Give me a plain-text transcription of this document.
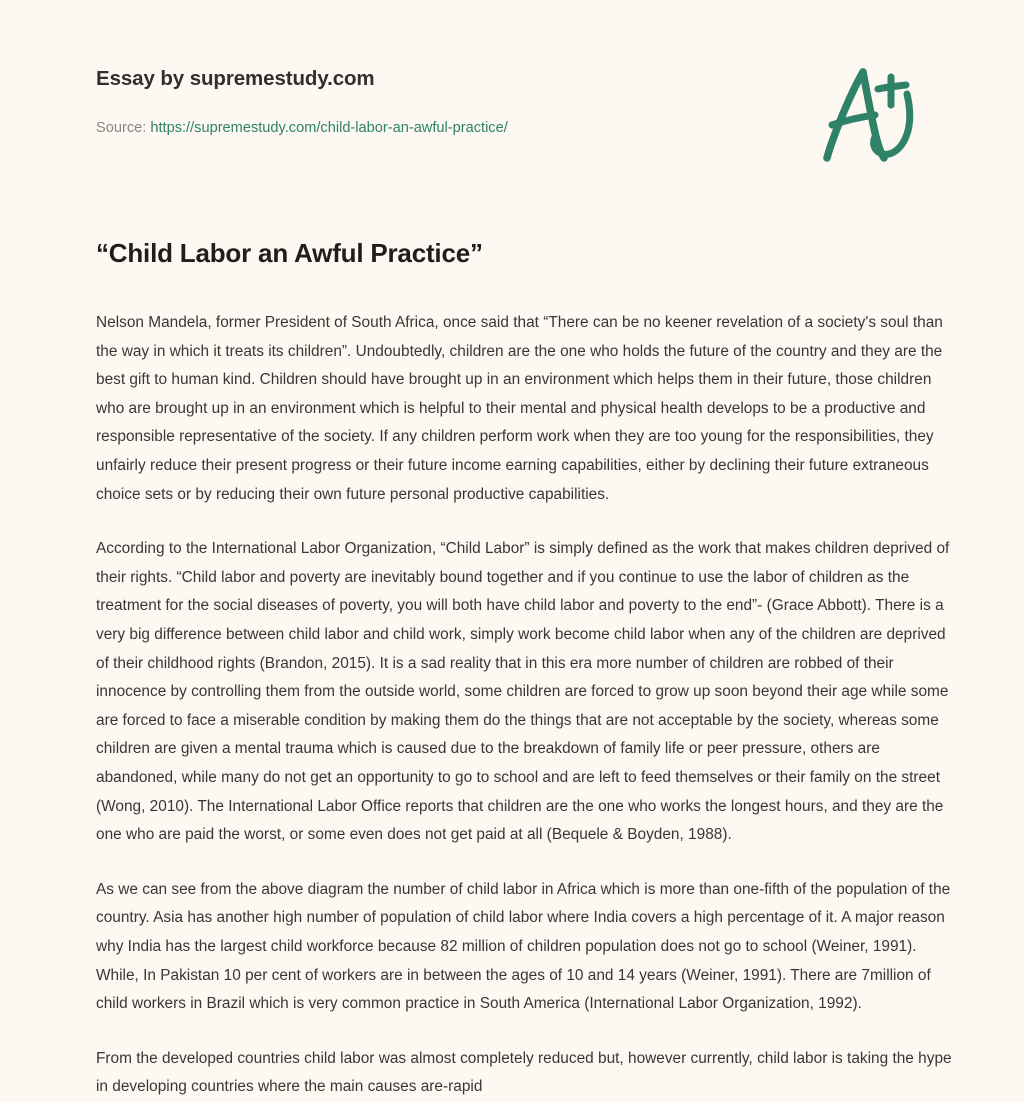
Essay by supremestudy.com
Source: https://supremestudy.com/child-labor-an-awful-practice/
“Child Labor an Awful Practice”

Nelson Mandela, former President of South Africa, once said that “There can be no keener revelation of a society's soul than the way in which it treats its children”. Undoubtedly, children are the one who holds the future of the country and they are the best gift to human kind. Children should have brought up in an environment which helps them in their future, those children who are brought up in an environment which is helpful to their mental and physical health develops to be a productive and responsible representative of the society. If any children perform work when they are too young for the responsibilities, they unfairly reduce their present progress or their future income earning capabilities, either by declining their future extraneous choice sets or by reducing their own future personal productive capabilities.

According to the International Labor Organization, “Child Labor” is simply defined as the work that makes children deprived of their rights. “Child labor and poverty are inevitably bound together and if you continue to use the labor of children as the treatment for the social diseases of poverty, you will both have child labor and poverty to the end”- (Grace Abbott). There is a very big difference between child labor and child work, simply work become child labor when any of the children are deprived of their childhood rights (Brandon, 2015). It is a sad reality that in this era more number of children are robbed of their innocence by controlling them from the outside world, some children are forced to grow up soon beyond their age while some are forced to face a miserable condition by making them do the things that are not acceptable by the society, whereas some children are given a mental trauma which is caused due to the breakdown of family life or peer pressure, others are abandoned, while many do not get an opportunity to go to school and are left to feed themselves or their family on the street (Wong, 2010). The International Labor Office reports that children are the one who works the longest hours, and they are the one who are paid the worst, or some even does not get paid at all (Bequele & Boyden, 1988).

As we can see from the above diagram the number of child labor in Africa which is more than one-fifth of the population of the country. Asia has another high number of population of child labor where India covers a high percentage of it. A major reason why India has the largest child workforce because 82 million of children population does not go to school (Weiner, 1991). While, In Pakistan 10 per cent of workers are in between the ages of 10 and 14 years (Weiner, 1991). There are 7million of child workers in Brazil which is very common practice in South America (International Labor Organization, 1992).

From the developed countries child labor was almost completely reduced but, however currently, child labor is taking the hype in developing countries where the main causes are-rapid
